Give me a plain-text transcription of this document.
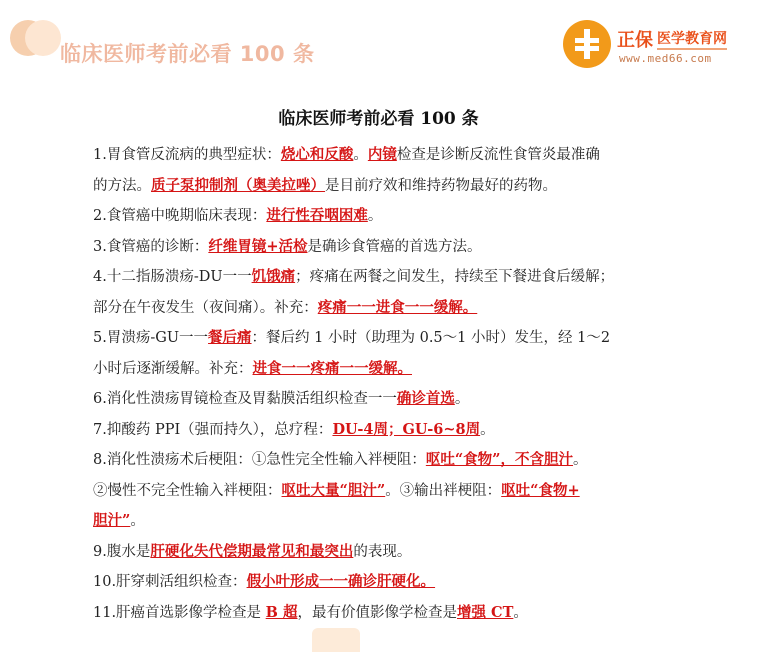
临床医师考前必看 100 条
正保 医学教育网
www.med66.com
临床医师考前必看 100 条
1.胃食管反流病的典型症状：烧心和反酸。内镜检查是诊断反流性食管炎最准确
的方法。质子泵抑制剂（奥美拉唑）是目前疗效和维持药物最好的药物。
2.食管癌中晚期临床表现：进行性吞咽困难。
3.食管癌的诊断：纤维胃镜+活检是确诊食管癌的首选方法。
4.十二指肠溃疡-DU一一饥饿痛；疼痛在两餐之间发生，持续至下餐进食后缓解；
部分在午夜发生（夜间痛）。补充：疼痛一一进食一一缓解。
5.胃溃疡-GU一一餐后痛：餐后约 1 小时（助理为 0.5～1 小时）发生，经 1～2
小时后逐渐缓解。补充：进食一一疼痛一一缓解。
6.消化性溃疡胃镜检查及胃黏膜活组织检查一一确诊首选。
7.抑酸药 PPI（强而持久），总疗程：DU-4周；GU-6~8周。
8.消化性溃疡术后梗阻：①急性完全性输入袢梗阻：呕吐“食物”，不含胆汁。
②慢性不完全性输入袢梗阻：呕吐大量“胆汁”。③输出袢梗阻：呕吐“食物+
胆汁”。
9.腹水是肝硬化失代偿期最常见和最突出的表现。
10.肝穿刺活组织检查：假小叶形成一一确诊肝硬化。
11.肝癌首选影像学检查是 B 超，最有价值影像学检查是增强 CT。
